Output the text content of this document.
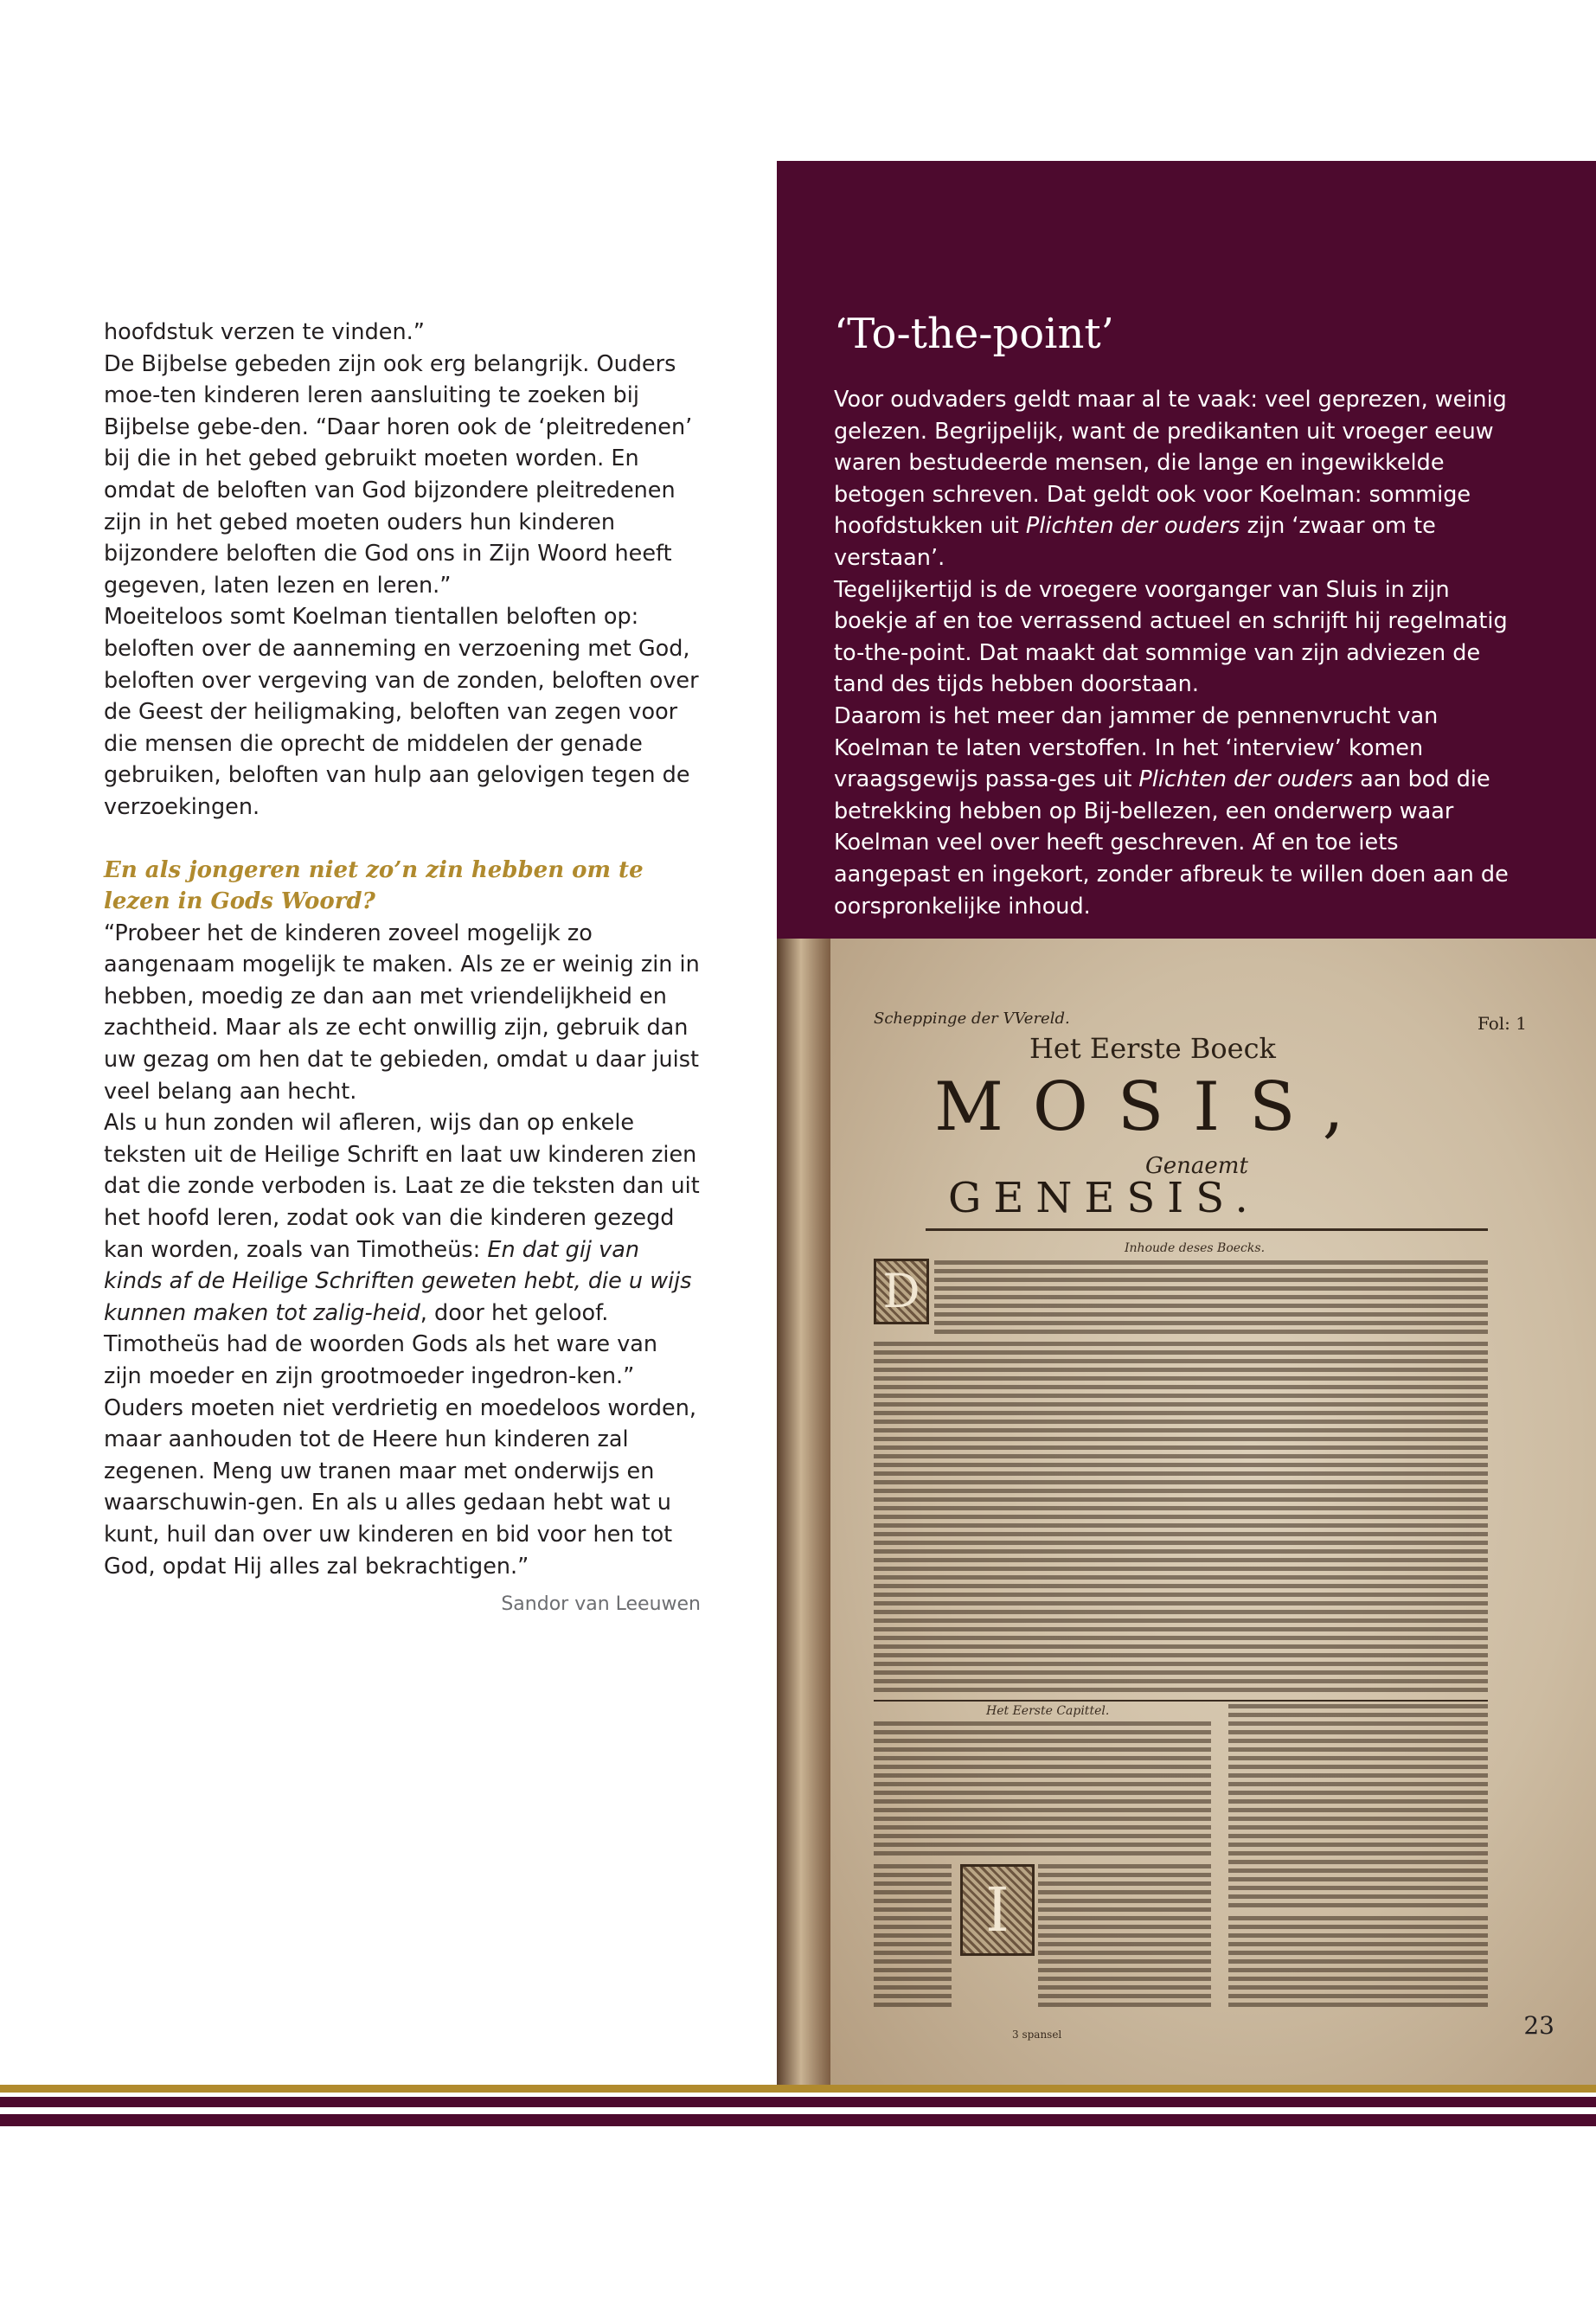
hoofdstuk verzen te vinden.”

De Bijbelse gebeden zijn ook erg belangrijk. Ouders moe-ten kinderen leren aansluiting te zoeken bij Bijbelse gebe-den. “Daar horen ook de ‘pleitredenen’ bij die in het gebed gebruikt moeten worden. En omdat de beloften van God bijzondere pleitredenen zijn in het gebed moeten ouders hun kinderen bijzondere beloften die God ons in Zijn Woord heeft gegeven, laten lezen en leren.”

Moeiteloos somt Koelman tientallen beloften op: beloften over de aanneming en verzoening met God, beloften over vergeving van de zonden, beloften over de Geest der heiligmaking, beloften van zegen voor die mensen die oprecht de middelen der genade gebruiken, beloften van hulp aan gelovigen tegen de verzoekingen.

En als jongeren niet zo’n zin hebben om te lezen in Gods Woord?

“Probeer het de kinderen zoveel mogelijk zo aangenaam mogelijk te maken. Als ze er weinig zin in hebben, moedig ze dan aan met vriendelijkheid en zachtheid. Maar als ze echt onwillig zijn, gebruik dan uw gezag om hen dat te gebieden, omdat u daar juist veel belang aan hecht.

Als u hun zonden wil afleren, wijs dan op enkele teksten uit de Heilige Schrift en laat uw kinderen zien dat die zonde verboden is. Laat ze die teksten dan uit het hoofd leren, zodat ook van die kinderen gezegd kan worden, zoals van Timotheüs: En dat gij van kinds af de Heilige Schriften geweten hebt, die u wijs kunnen maken tot zalig-heid, door het geloof. Timotheüs had de woorden Gods als het ware van zijn moeder en zijn grootmoeder ingedron-ken.”

Ouders moeten niet verdrietig en moedeloos worden, maar aanhouden tot de Heere hun kinderen zal zegenen. Meng uw tranen maar met onderwijs en waarschuwin-gen. En als u alles gedaan hebt wat u kunt, huil dan over uw kinderen en bid voor hen tot God, opdat Hij alles zal bekrachtigen.”

Sandor van Leeuwen
‘To-the-point’

Voor oudvaders geldt maar al te vaak: veel geprezen, weinig gelezen. Begrijpelijk, want de predikanten uit vroeger eeuw waren bestudeerde mensen, die lange en ingewikkelde betogen schreven. Dat geldt ook voor Koelman: sommige hoofdstukken uit Plichten der ouders zijn ‘zwaar om te verstaan’.

Tegelijkertijd is de vroegere voorganger van Sluis in zijn boekje af en toe verrassend actueel en schrijft hij regelmatig to-the-point. Dat maakt dat sommige van zijn adviezen de tand des tijds hebben doorstaan.

Daarom is het meer dan jammer de pennenvrucht van Koelman te laten verstoffen. In het ‘interview’ komen vraagsgewijs passa-ges uit Plichten der ouders aan bod die betrekking hebben op Bij-bellezen, een onderwerp waar Koelman veel over heeft geschreven. Af en toe iets aangepast en ingekort, zonder afbreuk te willen doen aan de oorspronkelijke inhoud.

Scheppinge der VVereld.	Fol: 1
Het Eerste Boeck
MOSIS,
Genaemt
GENESIS.
Inhoude deses Boecks.
D
Het Eerste Capittel.
I
3 spansel	23
